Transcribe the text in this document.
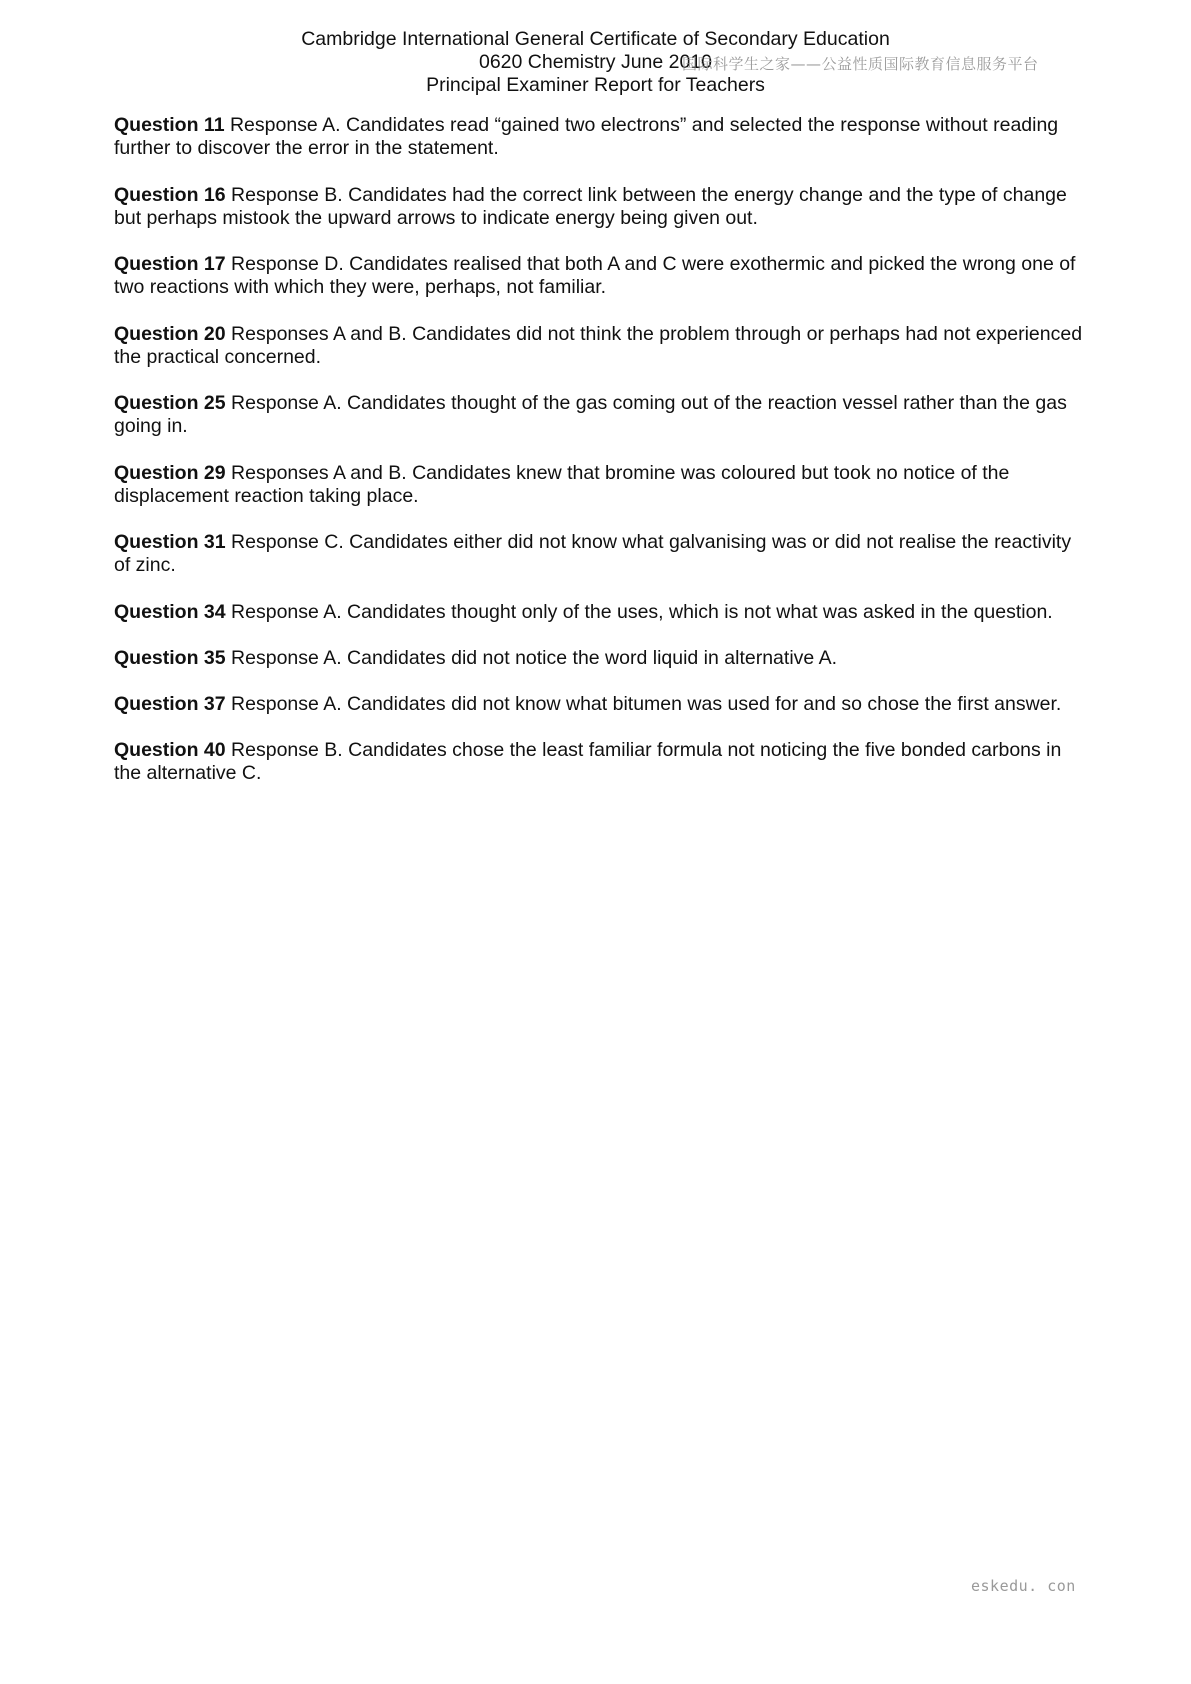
Cambridge International General Certificate of Secondary Education
0620 Chemistry June 2010
Principal Examiner Report for Teachers
国际科学生之家——公益性质国际教育信息服务平台

Question 11 Response A. Candidates read “gained two electrons” and selected the response without reading further to discover the error in the statement.

Question 16 Response B. Candidates had the correct link between the energy change and the type of change but perhaps mistook the upward arrows to indicate energy being given out.

Question 17 Response D. Candidates realised that both A and C were exothermic and picked the wrong one of two reactions with which they were, perhaps, not familiar.

Question 20 Responses A and B. Candidates did not think the problem through or perhaps had not experienced the practical concerned.

Question 25 Response A. Candidates thought of the gas coming out of the reaction vessel rather than the gas going in.

Question 29 Responses A and B. Candidates knew that bromine was coloured but took no notice of the displacement reaction taking place.

Question 31 Response C. Candidates either did not know what galvanising was or did not realise the reactivity of zinc.

Question 34 Response A. Candidates thought only of the uses, which is not what was asked in the question.

Question 35 Response A. Candidates did not notice the word liquid in alternative A.

Question 37 Response A. Candidates did not know what bitumen was used for and so chose the first answer.

Question 40 Response B. Candidates chose the least familiar formula not noticing the five bonded carbons in the alternative C.

eskedu. con
